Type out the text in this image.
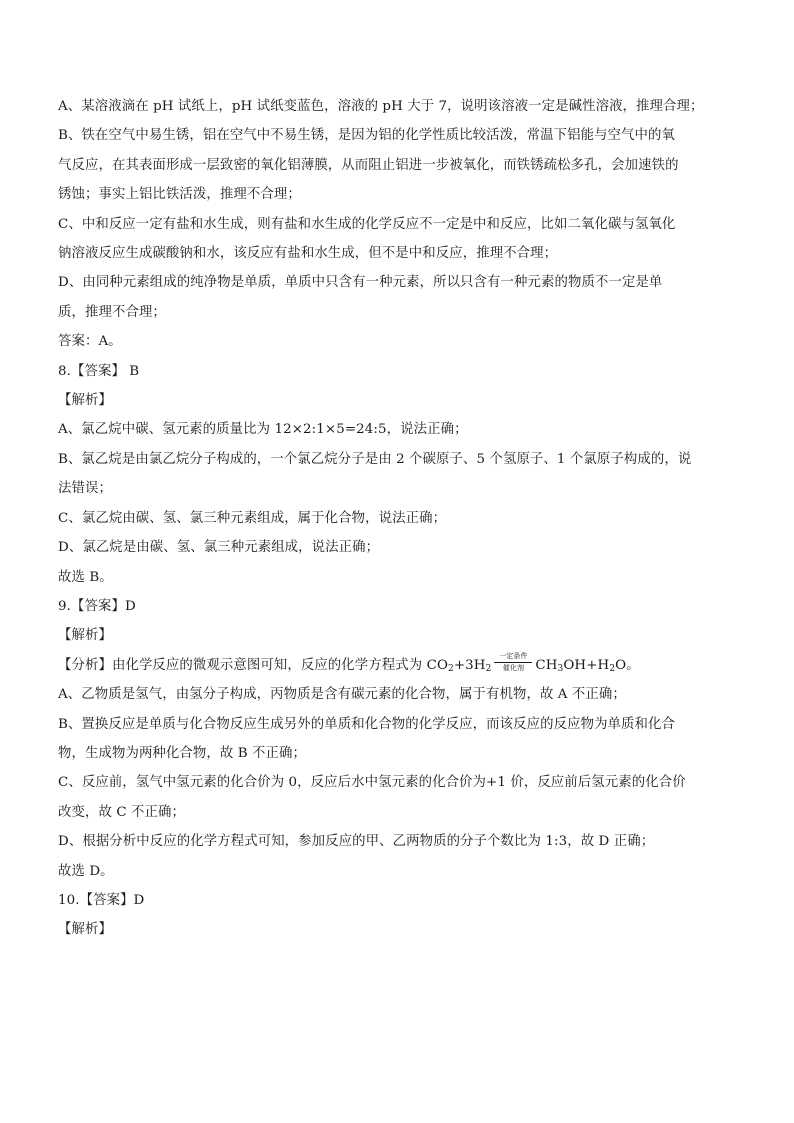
A、某溶液滴在 pH 试纸上，pH 试纸变蓝色，溶液的 pH 大于 7，说明该溶液一定是碱性溶液，推理合理；

B、铁在空气中易生锈，铝在空气中不易生锈，是因为铝的化学性质比较活泼，常温下铝能与空气中的氧

气反应，在其表面形成一层致密的氧化铝薄膜，从而阻止铝进一步被氧化，而铁锈疏松多孔，会加速铁的

锈蚀；事实上铝比铁活泼，推理不合理；

C、中和反应一定有盐和水生成，则有盐和水生成的化学反应不一定是中和反应，比如二氧化碳与氢氧化

钠溶液反应生成碳酸钠和水，该反应有盐和水生成，但不是中和反应，推理不合理；

D、由同种元素组成的纯净物是单质，单质中只含有一种元素，所以只含有一种元素的物质不一定是单

质，推理不合理；

答案：A。

8.【答案】 B

【解析】

A、氯乙烷中碳、氢元素的质量比为 12×2:1×5=24:5，说法正确；

B、氯乙烷是由氯乙烷分子构成的，一个氯乙烷分子是由 2 个碳原子、5 个氢原子、1 个氯原子构成的，说

法错误；

C、氯乙烷由碳、氢、氯三种元素组成，属于化合物，说法正确；

D、氯乙烷是由碳、氢、氯三种元素组成，说法正确；

故选 B。

9.【答案】D

【解析】

【分析】由化学反应的微观示意图可知，反应的化学方程式为 $CO_2+3H_2$
一定条件
催化剂 $CH_3OH+H_2O$。

A、乙物质是氢气，由氢分子构成，丙物质是含有碳元素的化合物，属于有机物，故 A 不正确；

B、置换反应是单质与化合物反应生成另外的单质和化合物的化学反应，而该反应的反应物为单质和化合

物，生成物为两种化合物，故 B 不正确；

C、反应前，氢气中氢元素的化合价为 0，反应后水中氢元素的化合价为+1 价，反应前后氢元素的化合价

改变，故 C 不正确；

D、根据分析中反应的化学方程式可知，参加反应的甲、乙两物质的分子个数比为 1:3，故 D 正确；

故选 D。

10.【答案】D

【解析】
